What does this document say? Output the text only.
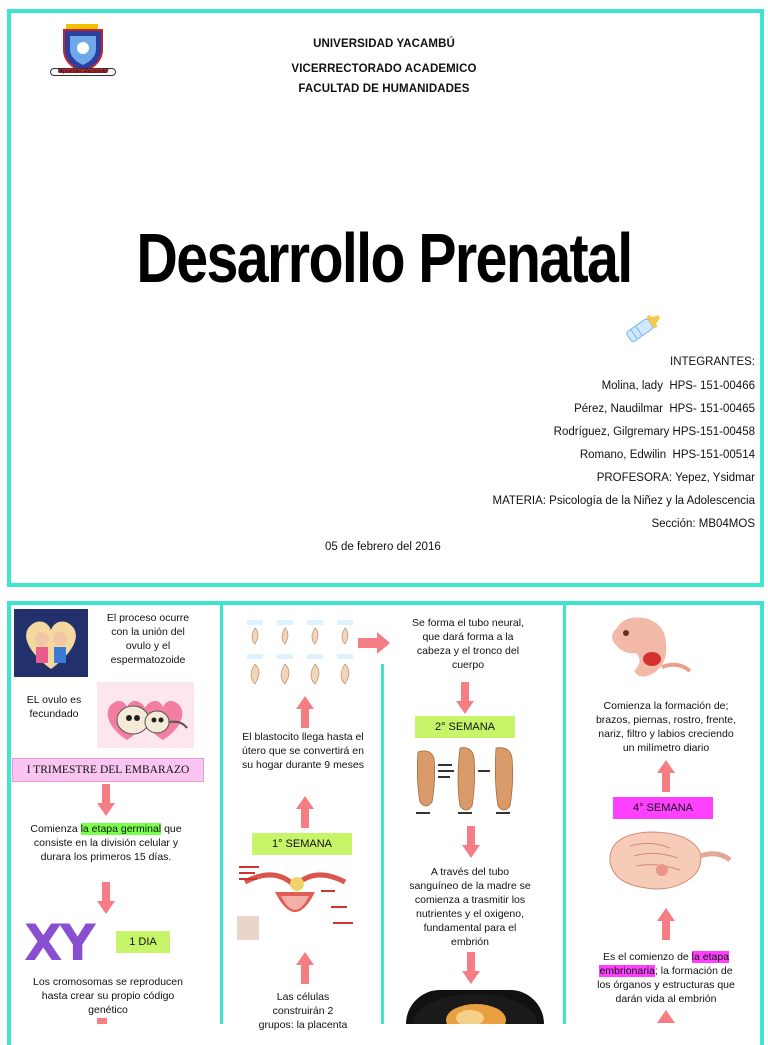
"Aprender Haciendo"
UNIVERSIDAD YACAMBÚ
VICERRECTORADO ACADEMICO
FACULTAD DE HUMANIDADES
Desarrollo Prenatal
INTEGRANTES:
Molina, lady  HPS- 151-00466
Pérez, Naudilmar  HPS- 151-00465
Rodríguez, Gilgremary HPS-151-00458
Romano, Edwilin  HPS-151-00514
PROFESORA: Yepez, Ysidmar
MATERIA: Psicología de la Niñez y la Adolescencia
Sección: MB04MOS
05 de febrero del 2016
El proceso ocurre con la unión del ovulo y el espermatozoide
EL ovulo es fecundado
I TRIMESTRE DEL EMBARAZO
Comienza la etapa germinal que consiste en la división celular y durara los primeros 15 días.
XY	1 DIA
Los cromosomas se reproducen hasta crear su propio código genético
El blastocito llega hasta el útero que se convertirá en su hogar durante 9 meses
1° SEMANA
Las células construirán 2 grupos: la placenta
Se forma el tubo neural, que dará forma a la cabeza y el tronco del cuerpo
2° SEMANA
A través del tubo sanguíneo de la madre se comienza a trasmitir los nutrientes y el oxigeno, fundamental para el embrión
Comienza la formación de; brazos, piernas, rostro, frente, nariz, filtro y labios creciendo un milímetro diario
4° SEMANA
Es el comienzo de la etapa embrionaria; la formación de los órganos y estructuras que darán vida al embrión
